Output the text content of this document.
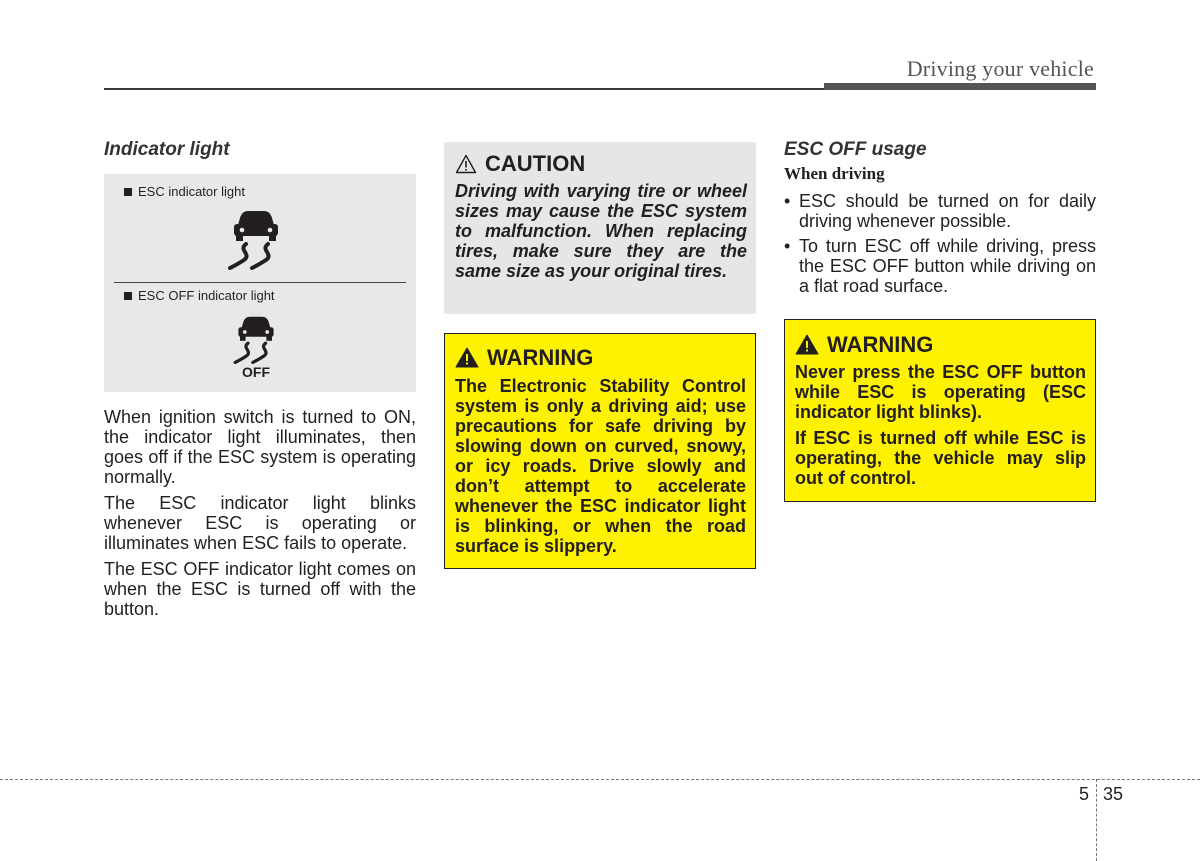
Driving your vehicle
Indicator light
ESC indicator light
ESC OFF indicator light
OFF

When ignition switch is turned to ON, the indicator light illuminates, then goes off if the ESC system is operating normally.

The ESC indicator light blinks whenever ESC is operating or illuminates when ESC fails to operate.

The ESC OFF indicator light comes on when the ESC is turned off with the button.

CAUTION
Driving with varying tire or wheel sizes may cause the ESC system to malfunction. When replacing tires, make sure they are the same size as your original tires.
WARNING
The Electronic Stability Control system is only a driving aid; use precautions for safe driving by slowing down on curved, snowy, or icy roads. Drive slowly and don’t attempt to accelerate whenever the ESC indicator light is blinking, or when the road surface is slippery.
ESC OFF usage
When driving
• ESC should be turned on for daily driving whenever possible.
• To turn ESC off while driving, press the ESC OFF button while driving on a flat road surface.
WARNING

Never press the ESC OFF button while ESC is operating (ESC indicator light blinks).

If ESC is turned off while ESC is operating, the vehicle may slip out of control.

5 35
